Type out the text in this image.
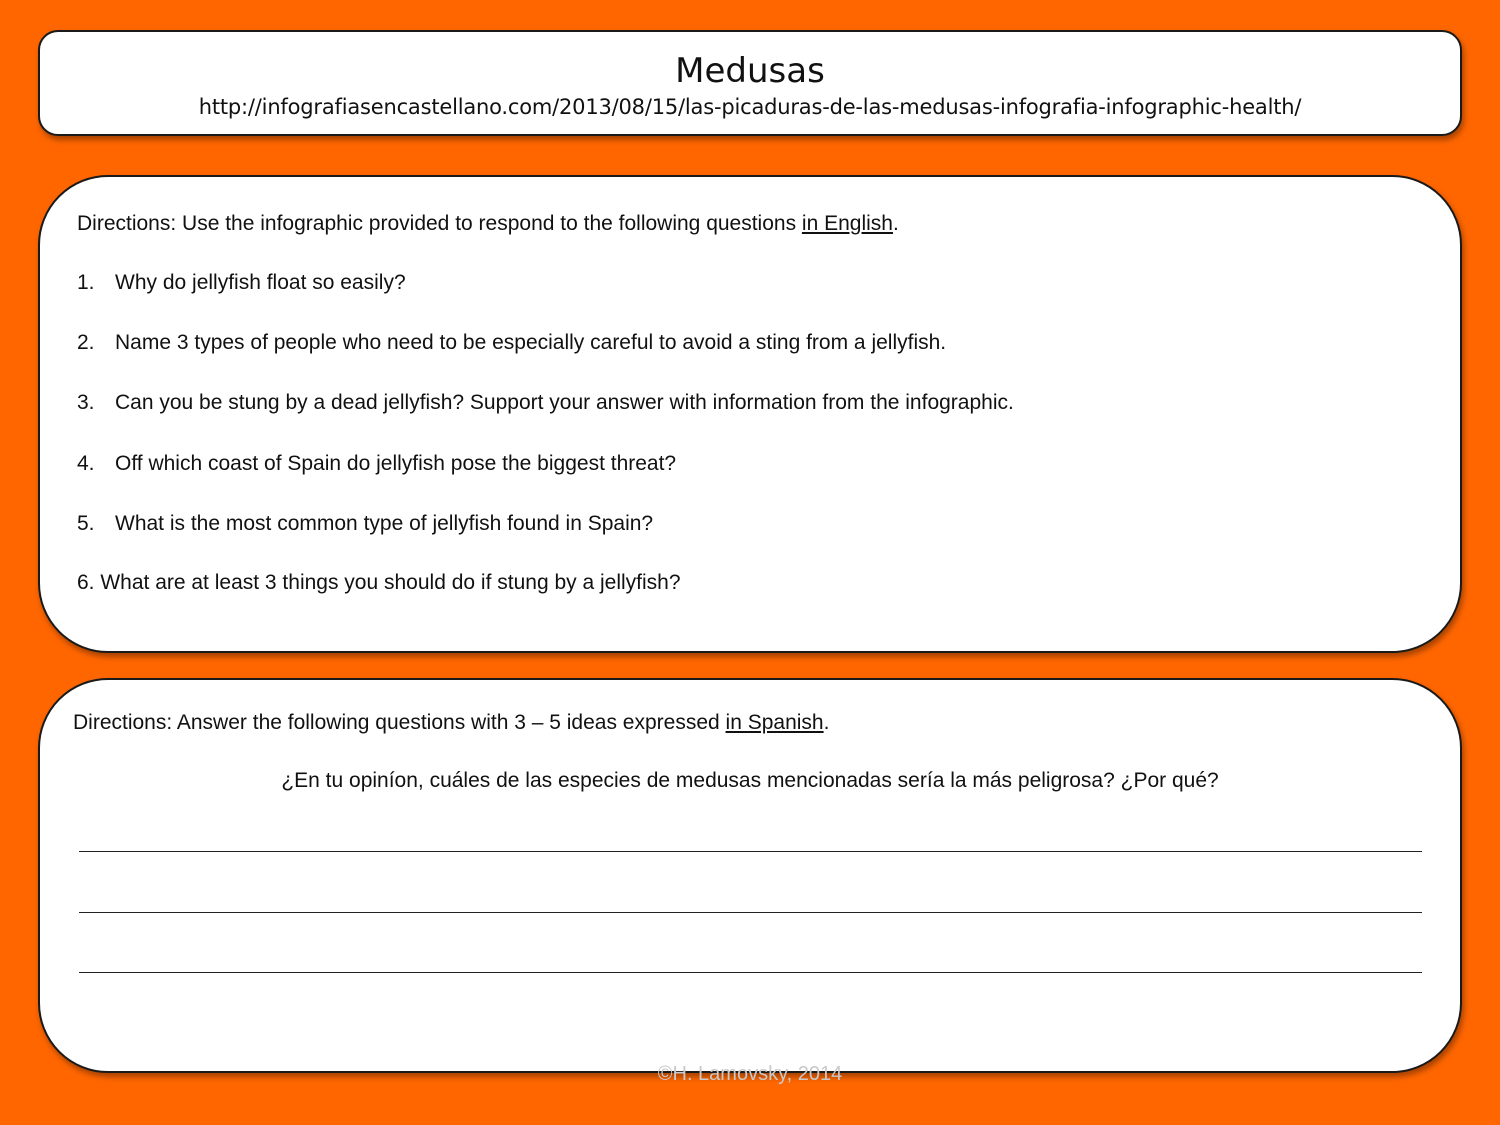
Medusas
http://infografiasencastellano.com/2013/08/15/las-picaduras-de-las-medusas-infografia-infographic-health/
Directions: Use the infographic provided to respond to the following questions in English.
1. Why do jellyfish float so easily?
2. Name 3 types of people who need to be especially careful to avoid a sting from a jellyfish.
3. Can you be stung by a dead jellyfish? Support your answer with information from the infographic.
4. Off which coast of Spain do jellyfish pose the biggest threat?
5. What is the most common type of jellyfish found in Spain?
6. What are at least 3 things you should do if stung by a jellyfish?
Directions: Answer the following questions with 3 – 5 ideas expressed in Spanish.
¿En tu opiníon, cuáles de las especies de medusas mencionadas sería la más peligrosa? ¿Por qué?
©H. Lamovsky, 2014
